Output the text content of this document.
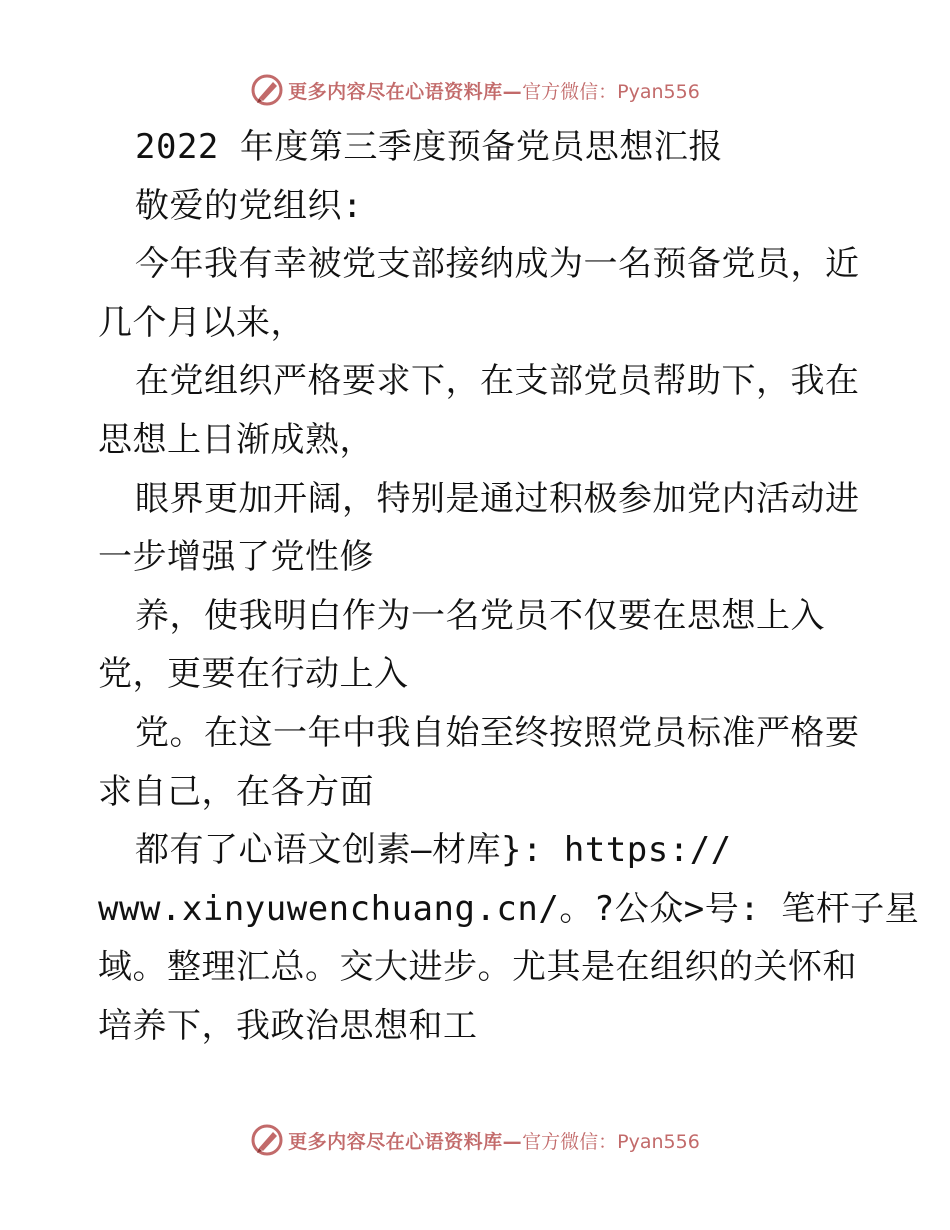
更多内容尽在心语资料库— 官方微信：Pyan556
2022 年度第三季度预备党员思想汇报
敬爱的党组织:
今年我有幸被党支部接纳成为一名预备党员，近
几个月以来，
在党组织严格要求下，在支部党员帮助下，我在
思想上日渐成熟，
眼界更加开阔，特别是通过积极参加党内活动进
一步增强了党性修
养，使我明白作为一名党员不仅要在思想上入
党，更要在行动上入
党。在这一年中我自始至终按照党员标准严格要
求自己，在各方面
都有了心语文创素—材库}: https://
www.xinyuwenchuang.cn/。?公众>号: 笔杆子星
域。整理汇总。交大进步。尤其是在组织的关怀和
培养下，我政治思想和工
更多内容尽在心语资料库— 官方微信：Pyan556
